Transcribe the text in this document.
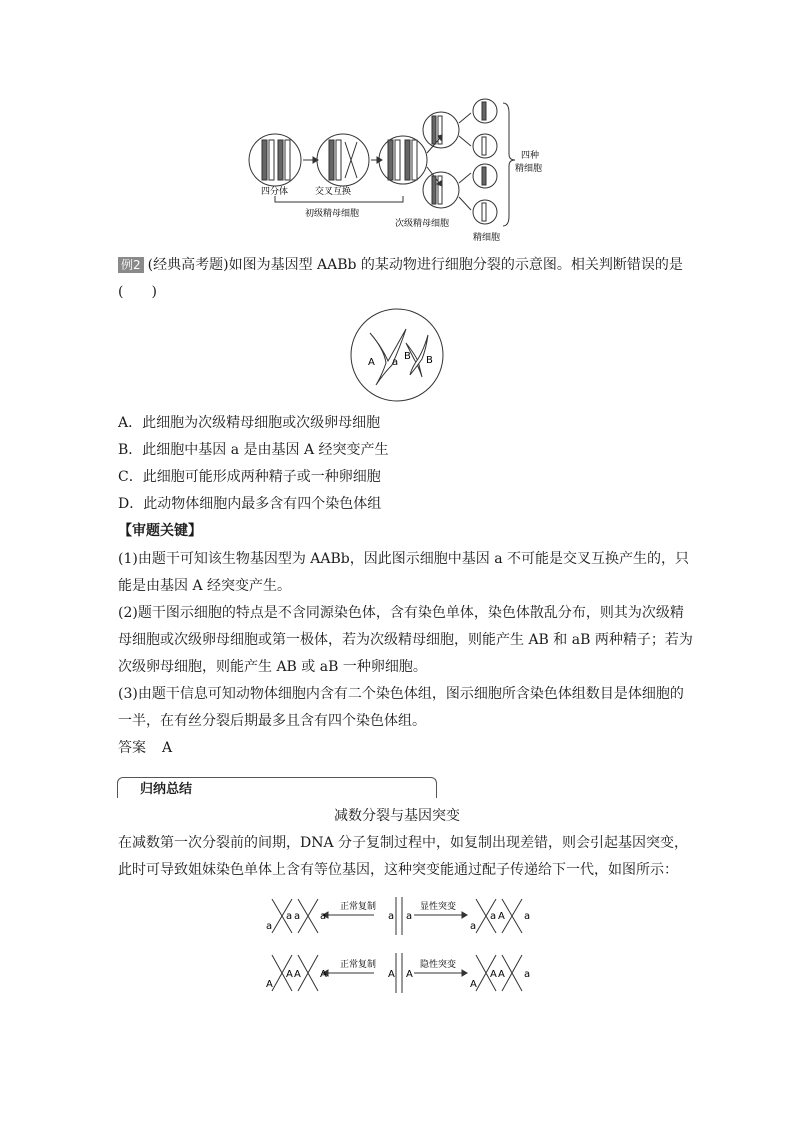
四分体	交叉互换
初级精母细胞
次级精母细胞
精细胞
四种
精细胞
例2 (经典高考题)如图为基因型 AABb 的某动物进行细胞分裂的示意图。相关判断错误的是
(　　)
A a
B B
A．此细胞为次级精母细胞或次级卵母细胞
B．此细胞中基因 a 是由基因 A 经突变产生
C．此细胞可能形成两种精子或一种卵细胞
D．此动物体细胞内最多含有四个染色体组
【审题关键】
(1)由题干可知该生物基因型为 AABb，因此图示细胞中基因 a 不可能是交叉互换产生的，只
能是由基因 A 经突变产生。
(2)题干图示细胞的特点是不含同源染色体，含有染色单体，染色体散乱分布，则其为次级精
母细胞或次级卵母细胞或第一极体，若为次级精母细胞，则能产生 AB 和 aB 两种精子；若为
次级卵母细胞，则能产生 AB 或 aB 一种卵细胞。
(3)由题干信息可知动物体细胞内含有二个染色体组，图示细胞所含染色体组数目是体细胞的
一半，在有丝分裂后期最多且含有四个染色体组。
答案 A
归纳总结
减数分裂与基因突变
在减数第一次分裂前的间期，DNA 分子复制过程中，如复制出现差错，则会引起基因突变，
此时可导致姐妹染色单体上含有等位基因，这种突变能通过配子传递给下一代，如图所示：
正常复制	显性突变
正常复制	隐性突变
a
a a a	a a
a
a A a
A
A A A	A A
A
A A a
